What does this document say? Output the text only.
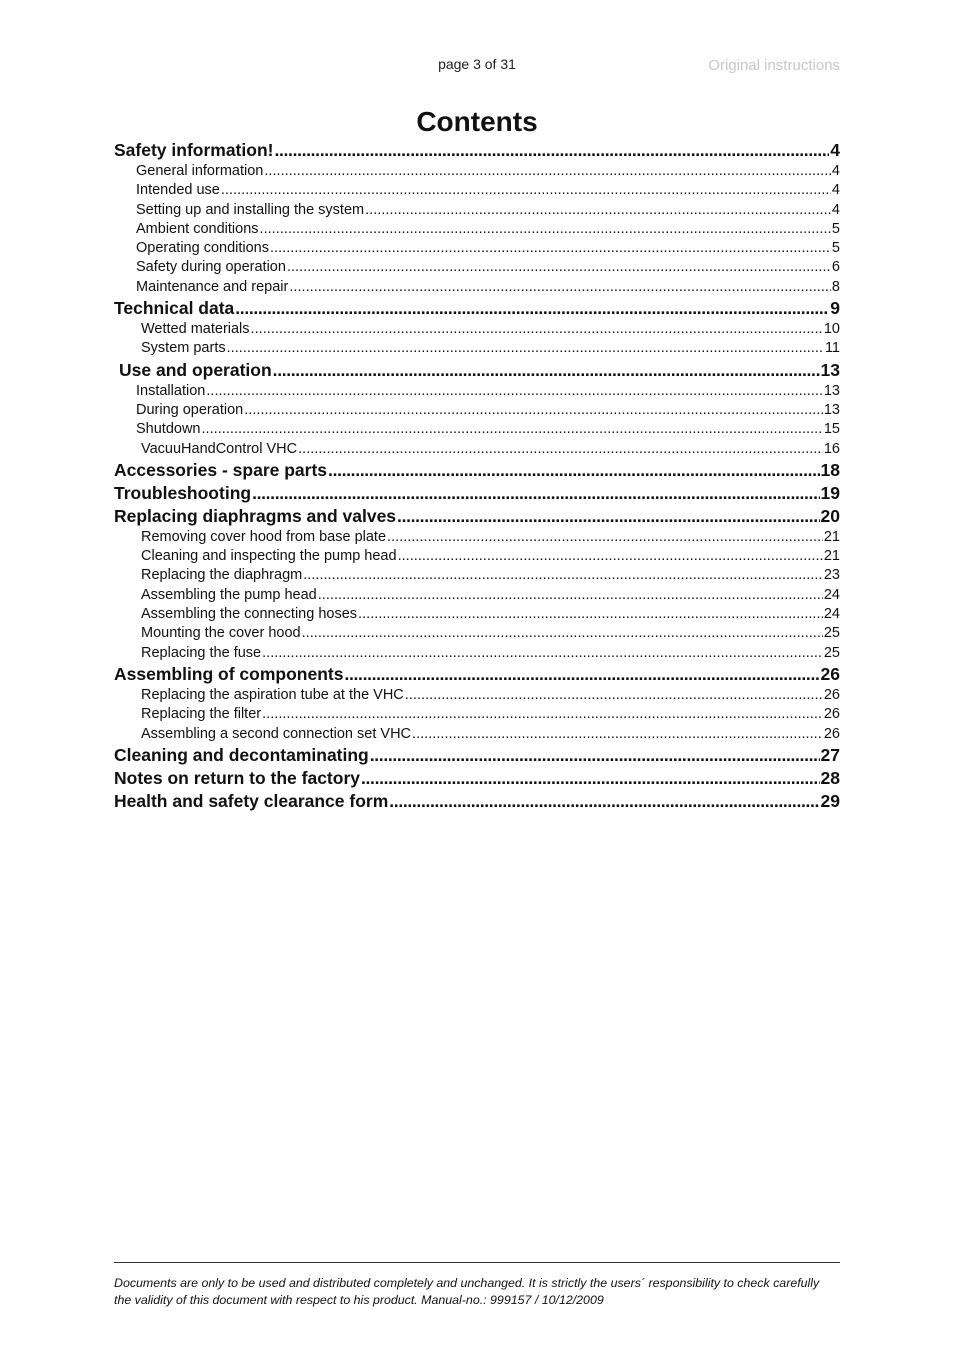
page 3 of 31	Original instructions
Contents
Safety information! . . .	4
General information . . .	4
Intended use . . .	4
Setting up and installing the system . . .	4
Ambient conditions . . .	5
Operating conditions . . .	5
Safety during operation . . .	6
Maintenance and repair . . .	8
Technical data . . .	9
Wetted materials . . .	10
System parts . . .	11
Use and operation . . .	13
Installation . . .	13
During operation . . .	13
Shutdown . . .	15
VacuuHandControl VHC . . .	16
Accessories - spare parts . . .	18
Troubleshooting . . .	19
Replacing diaphragms and valves . . .	20
Removing cover hood from base plate . . .	21
Cleaning and inspecting the pump head . . .	21
Replacing the diaphragm . . .	23
Assembling the pump head . . .	24
Assembling the connecting hoses . . .	24
Mounting the cover hood . . .	25
Replacing the fuse . . .	25
Assembling of components . . .	26
Replacing the aspiration tube at the VHC . . .	26
Replacing the filter . . .	26
Assembling a second connection set VHC . . .	26
Cleaning and decontaminating . . .	27
Notes on return to the factory . . .	28
Health and safety clearance form . . .	29
Documents are only to be used and distributed completely and unchanged. It is strictly the users´ responsibility to check carefully
the validity of this document with respect to his product. Manual-no.: 999157 / 10/12/2009
